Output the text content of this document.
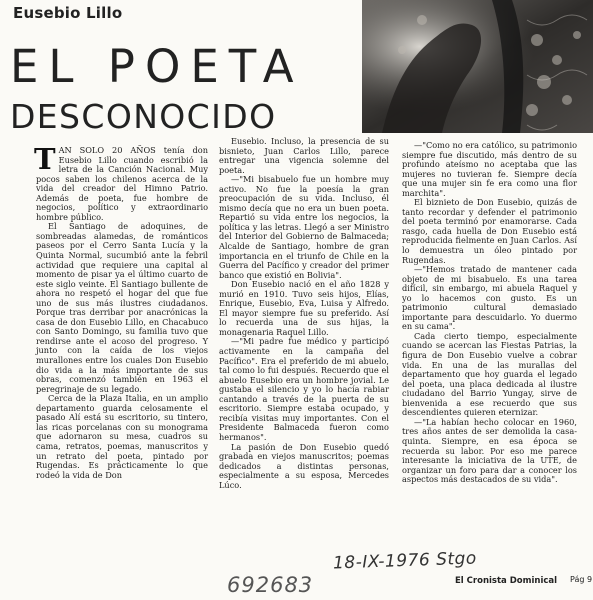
Eusebio Lillo
EL POETA
DESCONOCIDO

TAN SOLO 20 AÑOS tenía don Eusebio Lillo cuando escribió la letra de la Canción Nacional. Muy pocos saben los chilenos acerca de la vida del creador del Himno Patrio. Además de poeta, fue hombre de negocios, político y extraordinario hombre público.

El Santiago de adoquines, de sombreadas alamedas, de románticos paseos por el Cerro Santa Lucía y la Quinta Normal, sucumbió ante la febril actividad que requiere una capital al momento de pisar ya el último cuarto de este siglo veinte. El Santiago bullente de ahora no respetó el hogar del que fue uno de sus más ilustres ciudadanos. Porque tras derribar por anacrónicas la casa de don Eusebio Lillo, en Chacabuco con Santo Domingo, su familia tuvo que rendirse ante el acoso del progreso. Y junto con la caída de los viejos murallones entre los cuales Don Eusebio dio vida a la más importante de sus obras, comenzó también en 1963 el peregrinaje de su legado.

Cerca de la Plaza Italia, en un amplio departamento guarda celosamente el pasado Alí está su escritorio, su tintero, las ricas porcelanas con su monograma que adornaron su mesa, cuadros su cama, retratos, poemas, manuscritos y un retrato del poeta, pintado por Rugendas. Es prácticamente lo que rodeó la vida de Don

Eusebio. Incluso, la presencia de su bisnieto, Juan Carlos Lillo, parece entregar una vigencia solemne del poeta.

—"Mi bisabuelo fue un hombre muy activo. No fue la poesía la gran preocupación de su vida. Incluso, él mismo decía que no era un buen poeta. Repartió su vida entre los negocios, la política y las letras. Llegó a ser Ministro del Interior del Gobierno de Balmaceda; Alcalde de Santiago, hombre de gran importancia en el triunfo de Chile en la Guerra del Pacífico y creador del primer banco que existió en Bolivia".

Don Eusebio nació en el año 1828 y murió en 1910. Tuvo seis hijos, Elías, Enrique, Eusebio, Eva, Luisa y Alfredo. El mayor siempre fue su preferido. Así lo recuerda una de sus hijas, la monagenaria Raquel Lillo.

—"Mi padre fue médico y participó activamente en la campaña del Pacífico". Era el preferido de mi abuelo, tal como lo fui después. Recuerdo que el abuelo Eusebio era un hombre jovial. Le gustaba el silencio y yo lo hacía rabiar cantando a través de la puerta de su escritorio. Siempre estaba ocupado, y recibía visitas muy importantes. Con el Presidente Balmaceda fueron como hermanos".

La pasión de Don Eusebio quedó grabada en viejos manuscritos; poemas dedicados a distintas personas, especialmente a su esposa, Mercedes Lúco.

—"Como no era católico, su patrimonio siempre fue discutido, más dentro de su profundo ateísmo no aceptaba que las mujeres no tuvieran fe. Siempre decía que una mujer sin fe era como una flor marchita".

El biznieto de Don Eusebio, quizás de tanto recordar y defender el patrimonio del poeta terminó por enamorarse. Cada rasgo, cada huella de Don Eusebio está reproducida fielmente en Juan Carlos. Así lo demuestra un óleo pintado por Rugendas.

—"Hemos tratado de mantener cada objeto de mi bisabuelo. Es una tarea difícil, sin embargo, mi abuela Raquel y yo lo hacemos con gusto. Es un patrimonio cultural demasiado importante para descuidarlo. Yo duermo en su cama".

Cada cierto tiempo, especialmente cuando se acercan las Fiestas Patrias, la figura de Don Eusebio vuelve a cobrar vida. En una de las murallas del departamento que hoy guarda el legado del poeta, una placa dedicada al ilustre ciudadano del Barrio Yungay, sirve de bienvenida a ese recuerdo que sus descendientes quieren eternizar.

—"La habían hecho colocar en 1960, tres años antes de ser demolida la casa-quinta. Siempre, en esa época se recuerda su labor. Por eso me parece interesante la iniciativa de la UTE, de organizar un foro para dar a conocer los aspectos más destacados de su vida".

692683
18-IX-1976 Stgo
El Cronista Dominical Pág 9
